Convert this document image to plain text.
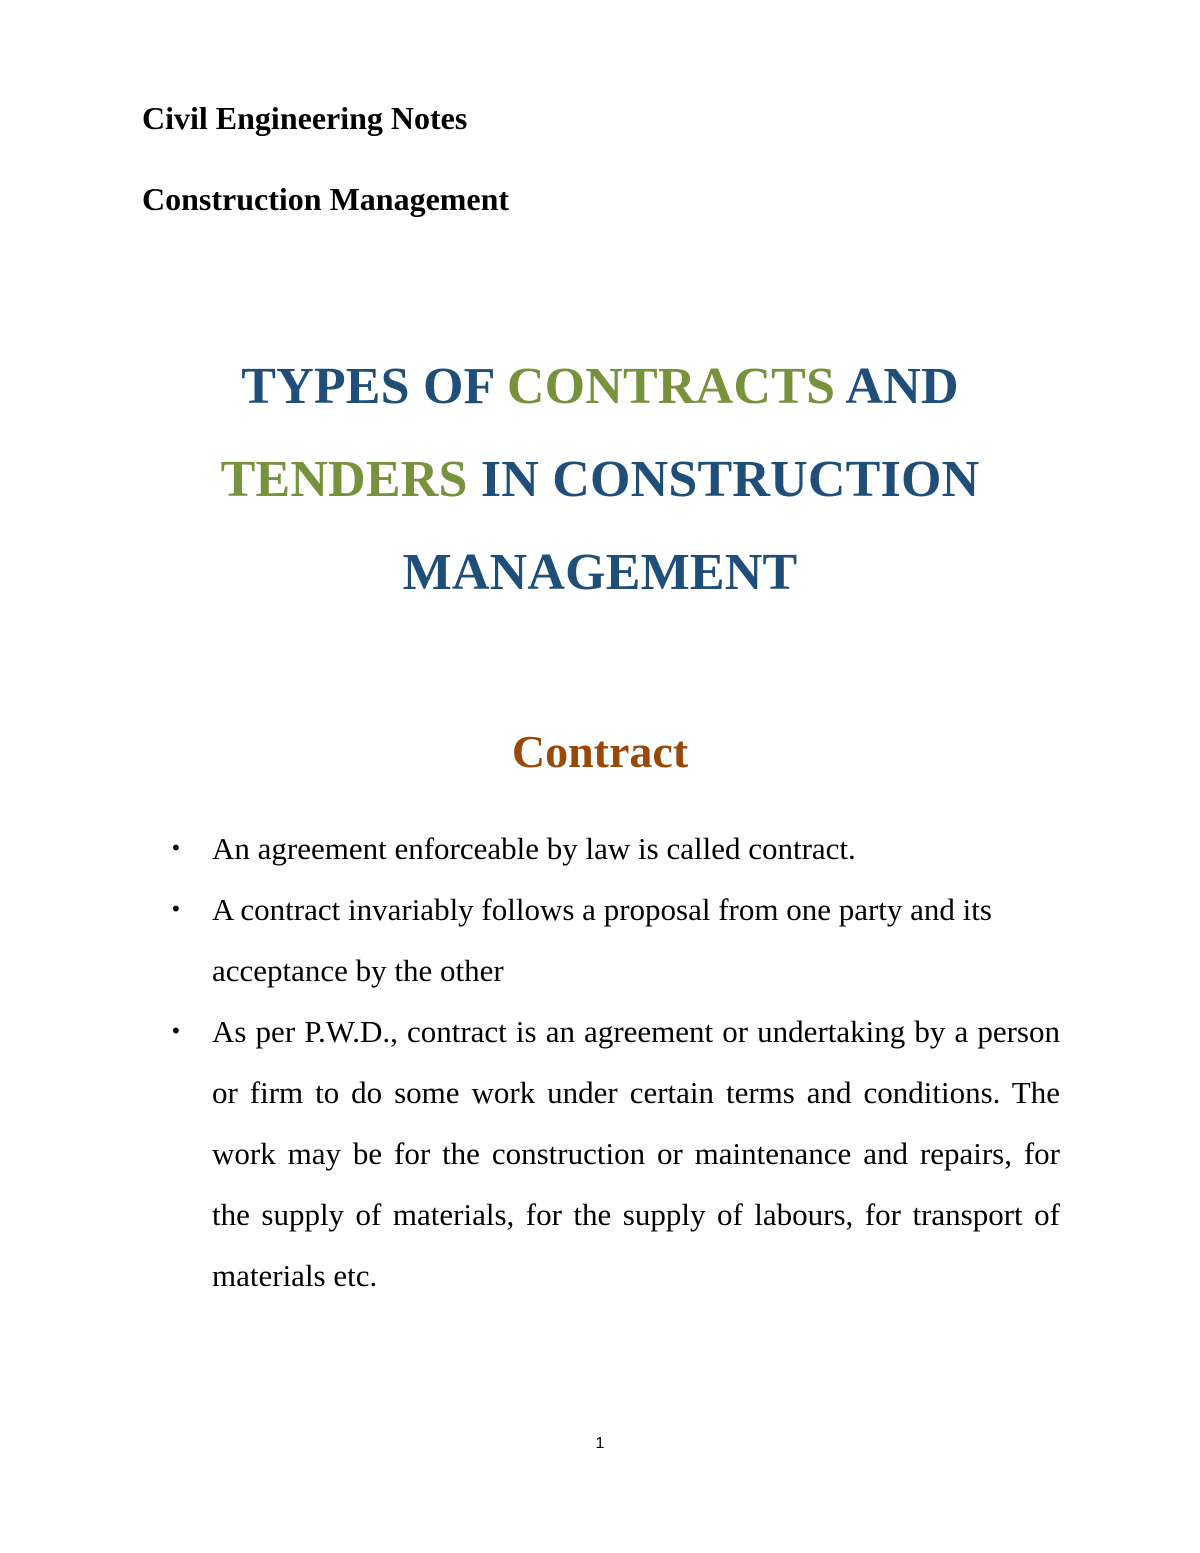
Civil Engineering Notes
Construction Management
TYPES OF CONTRACTS AND
TENDERS IN CONSTRUCTION
MANAGEMENT
Contract
• An agreement enforceable by law is called contract.
• A contract invariably follows a proposal from one party and its acceptance by the other
• As per P.W.D., contract is an agreement or undertaking by a person or firm to do some work under certain terms and conditions. The work may be for the construction or maintenance and repairs, for the supply of materials, for the supply of labours, for transport of materials etc.
1
